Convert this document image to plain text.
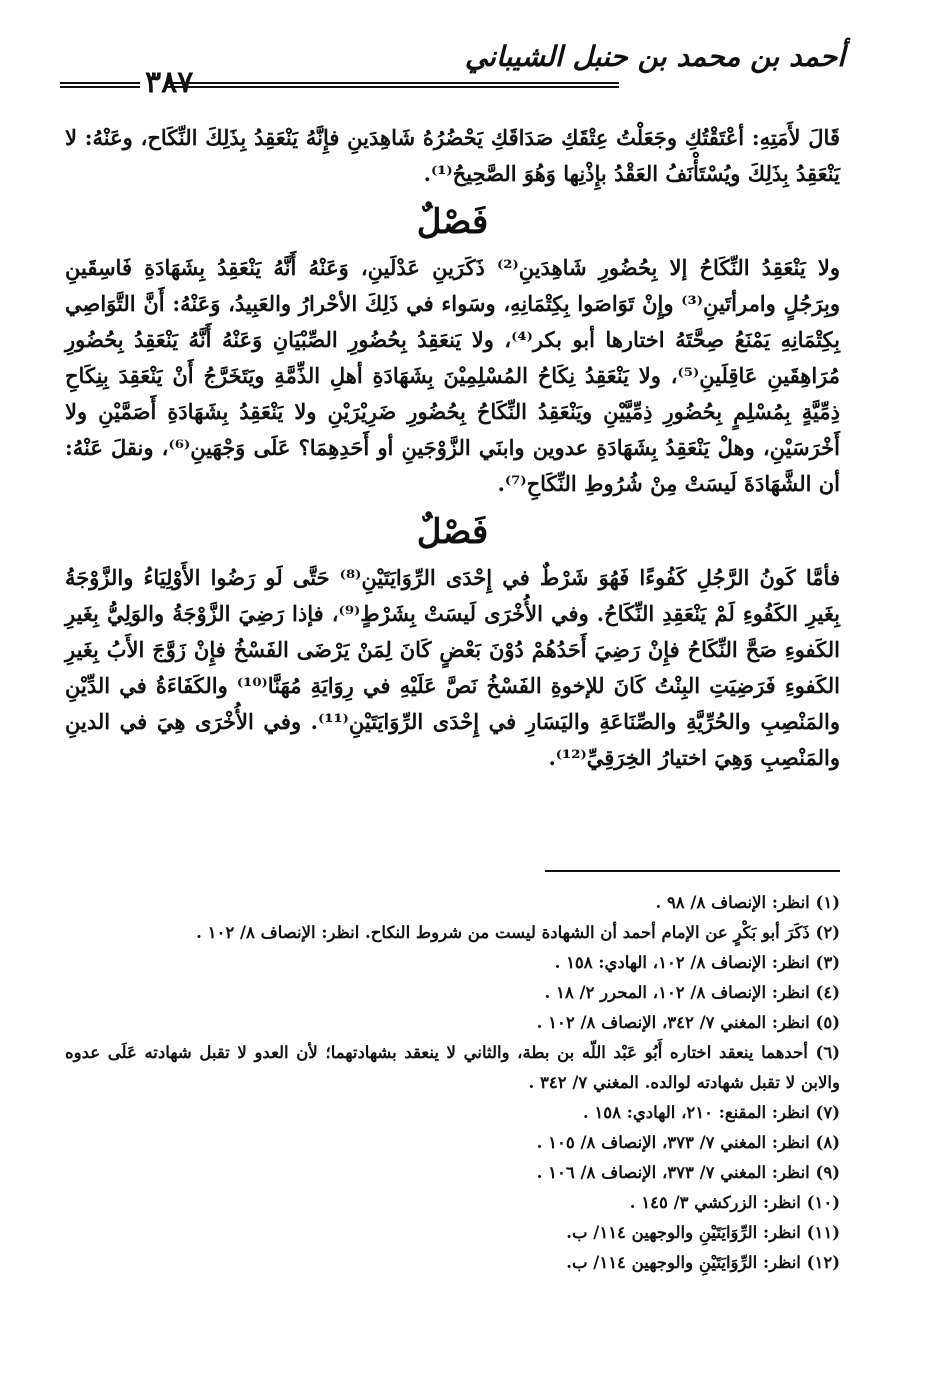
أحمد بن محمد بن حنبل الشيباني
٣٨٧

قَالَ لأَمَتِهِ: أعْتَقْتُكِ وجَعَلْتُ عِتْقَكِ صَدَاقَكِ يَحْضُرُهُ شَاهِدَينِ فإِنَّهُ يَنْعَقِدُ بِذَلِكَ النِّكَاح، وعَنْهُ: لا يَنْعَقِدُ بِذَلِكَ ويُسْتَأْنَفُ العَقْدُ بإِذْنِها وَهُوَ الصَّحِيحُ⁽¹⁾.

فَصْلٌ

ولا يَنْعَقِدُ النِّكَاحُ إلا بِحُضُورِ شَاهِدَينِ⁽²⁾ ذَكَرَينِ عَدْلَينِ، وَعَنْهُ أَنَّهُ يَنْعَقِدُ بِشَهَادَةِ فَاسِقَينِ وبِرَجُلٍ وامرأتَينِ⁽³⁾ وإِنْ تَوَاصَوا بِكِتْمَانِهِ، وسَواء في ذَلِكَ الأحْرارُ والعَبِيدُ، وَعَنْهُ: أَنَّ التَّوَاصِي بِكِتْمَانِهِ يَمْنَعُ صِحَّتَهُ اختارها أبو بكر⁽⁴⁾، ولا يَنعَقِدُ بِحُضُورِ الصِّبْيَانِ وَعَنْهُ أَنَّهُ يَنْعَقِدُ بِحُضُورِ مُرَاهِقَينِ عَاقِلَينِ⁽⁵⁾، ولا يَنْعَقِدُ نِكَاحُ المُسْلِمِيْنَ بِشَهَادَةِ أهلِ الذِّمَّةِ ويَتَخَرَّجُ أَنْ يَنْعَقِدَ بِنِكَاحِ ذِمِّيَّةٍ بِمُسْلِمٍ بِحُضُورِ ذِمِّيَّيْنِ ويَنْعَقِدُ النِّكَاحُ بِحُضُورِ ضَرِيْرَيْنِ ولا يَنْعَقِدُ بِشَهَادَةِ أَصَمَّيْنِ ولا أَخْرَسَيْنِ، وهلْ يَنْعَقِدُ بِشَهَادَةِ عدوين وابنَي الزَّوْجَينِ أو أَحَدِهِمَا؟ عَلَى وَجْهَينِ⁽⁶⁾، ونقلَ عَنْهُ: أن الشَّهَادَةَ لَيسَتْ مِنْ شُرُوطِ النِّكَاحِ⁽⁷⁾.

فَصْلٌ

فأمَّا كَونُ الرَّجُلِ كَفُوءًا فَهُوَ شَرْطٌ في إِحْدَى الرِّوَايَتَيْنِ⁽⁸⁾ حَتَّى لَو رَضُوا الأَوْلِيَاءُ والزَّوْجَةُ بِغَيرِ الكَفُوءِ لَمْ يَنْعَقِدِ النِّكَاحُ. وفي الأُخْرَى لَيسَتْ بِشَرْطٍ⁽⁹⁾، فإذا رَضِيَ الزَّوْجَةُ والوَلِيُّ بِغَيرِ الكَفوءِ صَحَّ النِّكَاحُ فإِنْ رَضِيَ أَحَدُهُمْ دُوْنَ بَعْضٍ كَانَ لِمَنْ يَرْضَى الفَسْخُ فإِنْ زَوَّجَ الأَبُ بِغَيرِ الكَفوءِ فَرَضِيَتِ البِنْتُ كَانَ للإخوةِ الفَسْخُ نَصَّ عَلَيْهِ في رِوَايَةِ مُهَنَّا⁽¹⁰⁾ والكَفَاءَةُ في الدِّيْنِ والمَنْصِبِ والحُرِّيَّةِ والصِّنَاعَةِ واليَسَارِ في إِحْدَى الرِّوَايَتَيْنِ⁽¹¹⁾. وفي الأُخْرَى هِيَ في الدينِ والمَنْصِبِ وَهِيَ اختيارُ الخِرَقِيِّ⁽¹²⁾.

(١) انظر: الإنصاف ٨/ ٩٨ .

(٢) ذَكَرَ أبو بَكْرٍ عن الإمام أحمد أن الشهادة ليست من شروط النكاح. انظر: الإنصاف ٨/ ١٠٢ .

(٣) انظر: الإنصاف ٨/ ١٠٢، الهادي: ١٥٨ .

(٤) انظر: الإنصاف ٨/ ١٠٢، المحرر ٢/ ١٨ .

(٥) انظر: المغني ٧/ ٣٤٢، الإنصاف ٨/ ١٠٢ .

(٦) أحدهما ينعقد اختاره أَبُو عَبْد اللّه بن بطة، والثاني لا ينعقد بشهادتهما؛ لأن العدو لا تقبل شهادته عَلَى عدوه والابن لا تقبل شهادته لوالده. المغني ٧/ ٣٤٢ .

(٧) انظر: المقنع: ٢١٠، الهادي: ١٥٨ .

(٨) انظر: المغني ٧/ ٣٧٣، الإنصاف ٨/ ١٠٥ .

(٩) انظر: المغني ٧/ ٣٧٣، الإنصاف ٨/ ١٠٦ .

(١٠) انظر: الزركشي ٣/ ١٤٥ .

(١١) انظر: الرِّوَايَتَيْنِ والوجهين ١١٤/ ب.

(١٢) انظر: الرِّوَايَتَيْنِ والوجهين ١١٤/ ب.
